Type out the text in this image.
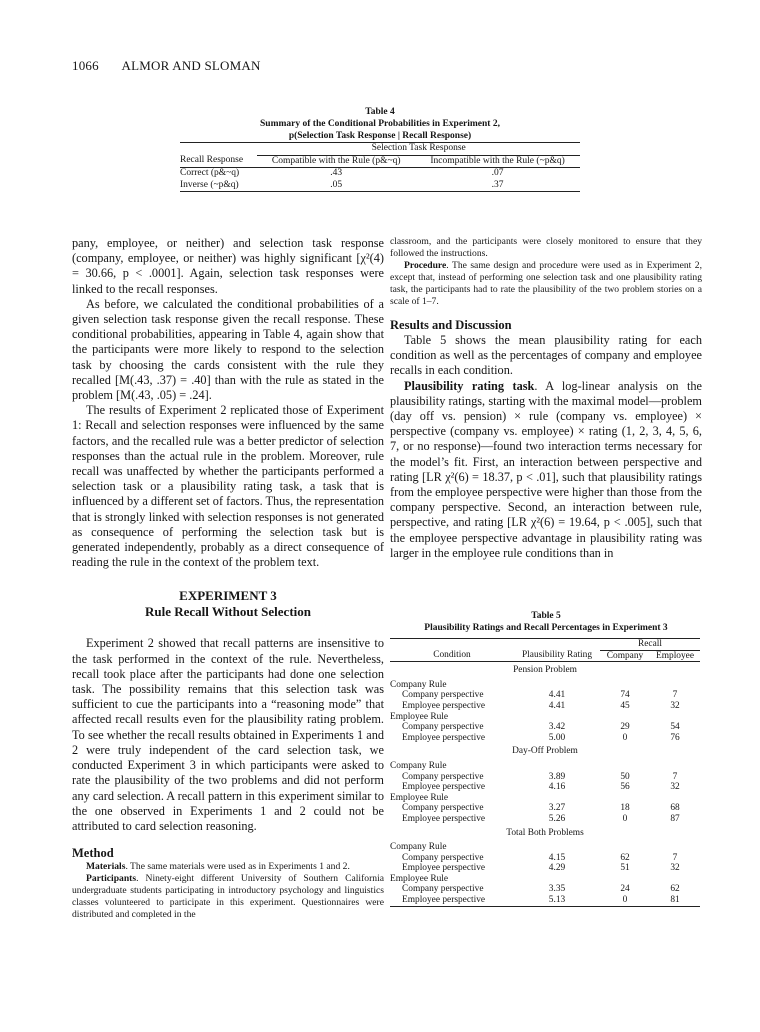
1066 ALMOR AND SLOMAN
Table 4
Summary of the Conditional Probabilities in Experiment 2,
p(Selection Task Response | Recall Response)
	Selection Task Response	
Recall Response	Compatible with the Rule (p&~q)	Incompatible with the Rule (~p&q)
Correct (p&~q)	.43	.07
Inverse (~p&q)	.05	.37

pany, employee, or neither) and selection task response (company, employee, or neither) was highly significant [χ²(4) = 30.66, p < .0001]. Again, selection task responses were linked to the recall responses.

As before, we calculated the conditional probabilities of a given selection task response given the recall response. These conditional probabilities, appearing in Table 4, again show that the participants were more likely to respond to the selection task by choosing the cards consistent with the rule they recalled [M(.43, .37) = .40] than with the rule as stated in the problem [M(.43, .05) = .24].

The results of Experiment 2 replicated those of Experiment 1: Recall and selection responses were influenced by the same factors, and the recalled rule was a better predictor of selection responses than the actual rule in the problem. Moreover, rule recall was unaffected by whether the participants performed a selection task or a plausibility rating task, a task that is influenced by a different set of factors. Thus, the representation that is strongly linked with selection responses is not generated as consequence of performing the selection task but is generated independently, probably as a direct consequence of reading the rule in the context of the problem text.

EXPERIMENT 3
Rule Recall Without Selection

Experiment 2 showed that recall patterns are insensitive to the task performed in the context of the rule. Nevertheless, recall took place after the participants had done one selection task. The possibility remains that this selection task was sufficient to cue the participants into a “reasoning mode” that affected recall results even for the plausibility rating problem. To see whether the recall results obtained in Experiments 1 and 2 were truly independent of the card selection task, we conducted Experiment 3 in which participants were asked to rate the plausibility of the two problems and did not perform any card selection. A recall pattern in this experiment similar to the one observed in Experiments 1 and 2 could not be attributed to card selection reasoning.

Method

Materials. The same materials were used as in Experiments 1 and 2.

Participants. Ninety-eight different University of Southern California undergraduate students participating in introductory psychology and linguistics classes volunteered to participate in this experiment. Questionnaires were distributed and completed in the

classroom, and the participants were closely monitored to ensure that they followed the instructions.

Procedure. The same design and procedure were used as in Experiment 2, except that, instead of performing one selection task and one plausibility rating task, the participants had to rate the plausibility of the two problem stories on a scale of 1–7.

Results and Discussion

Table 5 shows the mean plausibility rating for each condition as well as the percentages of company and employee recalls in each condition.

Plausibility rating task. A log-linear analysis on the plausibility ratings, starting with the maximal model—problem (day off vs. pension) × rule (company vs. employee) × perspective (company vs. employee) × rating (1, 2, 3, 4, 5, 6, 7, or no response)—found two interaction terms necessary for the model’s fit. First, an interaction between perspective and rating [LR χ²(6) = 18.37, p < .01], such that plausibility ratings from the employee perspective were higher than those from the company perspective. Second, an interaction between rule, perspective, and rating [LR χ²(6) = 19.64, p < .005], such that the employee perspective advantage in plausibility rating was larger in the employee rule conditions than in

Table 5
Plausibility Ratings and Recall Percentages in Experiment 3
		Recall	
Condition	Plausibility Rating	Company	Employee
Pension Problem			
Company Rule			
Company perspective	4.41	74	7
Employee perspective	4.41	45	32
Employee Rule			
Company perspective	3.42	29	54
Employee perspective	5.00	0	76
Day-Off Problem			
Company Rule			
Company perspective	3.89	50	7
Employee perspective	4.16	56	32
Employee Rule			
Company perspective	3.27	18	68
Employee perspective	5.26	0	87
Total Both Problems			
Company Rule			
Company perspective	4.15	62	7
Employee perspective	4.29	51	32
Employee Rule			
Company perspective	3.35	24	62
Employee perspective	5.13	0	81
